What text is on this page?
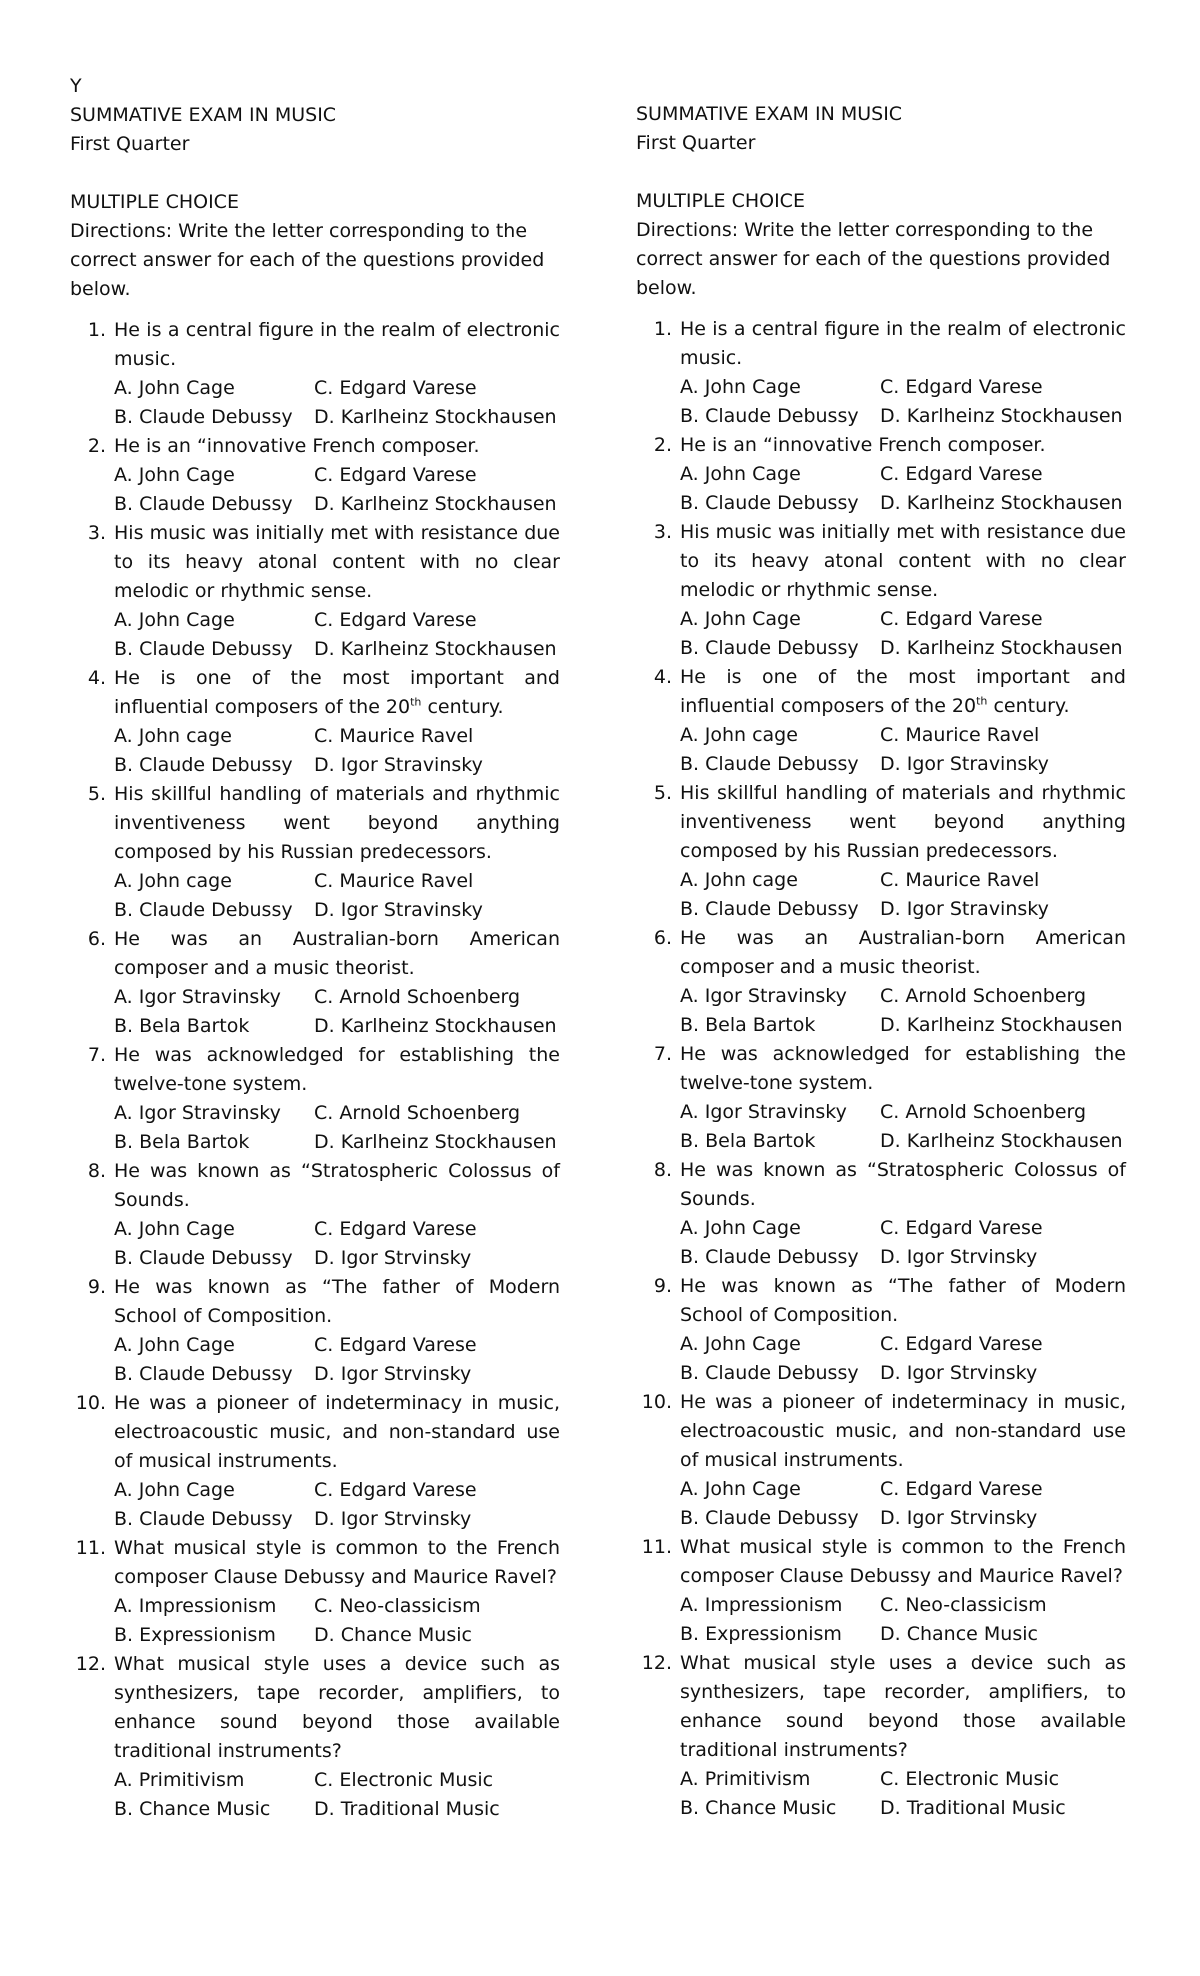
Y
SUMMATIVE EXAM IN MUSIC
First Quarter
MULTIPLE CHOICE
Directions: Write the letter corresponding to the correct answer for each of the questions provided below.
1. He is a central figure in the realm of electronic music.
A. John Cage	C. Edgard Varese
B. Claude Debussy	D. Karlheinz Stockhausen
2. He is an “innovative French composer.
A. John Cage	C. Edgard Varese
B. Claude Debussy	D. Karlheinz Stockhausen
3. His music was initially met with resistance due to its heavy atonal content with no clear melodic or rhythmic sense.
A. John Cage	C. Edgard Varese
B. Claude Debussy	D. Karlheinz Stockhausen
4. He is one of the most important and influential composers of the 20th century.
A. John cage	C. Maurice Ravel
B. Claude Debussy	D. Igor Stravinsky
5. His skillful handling of materials and rhythmic inventiveness went beyond anything composed by his Russian predecessors.
A. John cage	C. Maurice Ravel
B. Claude Debussy	D. Igor Stravinsky
6. He was an Australian-born American composer and a music theorist.
A. Igor Stravinsky	C. Arnold Schoenberg
B. Bela Bartok	D. Karlheinz Stockhausen
7. He was acknowledged for establishing the twelve-tone system.
A. Igor Stravinsky	C. Arnold Schoenberg
B. Bela Bartok	D. Karlheinz Stockhausen
8. He was known as “Stratospheric Colossus of Sounds.
A. John Cage	C. Edgard Varese
B. Claude Debussy	D. Igor Strvinsky
9. He was known as “The father of Modern School of Composition.
A. John Cage	C. Edgard Varese
B. Claude Debussy	D. Igor Strvinsky
10. He was a pioneer of indeterminacy in music, electroacoustic music, and non-standard use of musical instruments.
A. John Cage	C. Edgard Varese
B. Claude Debussy	D. Igor Strvinsky
11. What musical style is common to the French composer Clause Debussy and Maurice Ravel?
A. Impressionism	C. Neo-classicism
B. Expressionism	D. Chance Music
12. What musical style uses a device such as synthesizers, tape recorder, amplifiers, to enhance sound beyond those available traditional instruments?
A. Primitivism	C. Electronic Music
B. Chance Music	D. Traditional Music
SUMMATIVE EXAM IN MUSIC
First Quarter
MULTIPLE CHOICE
Directions: Write the letter corresponding to the correct answer for each of the questions provided below.
1. He is a central figure in the realm of electronic music.
A. John Cage	C. Edgard Varese
B. Claude Debussy	D. Karlheinz Stockhausen
2. He is an “innovative French composer.
A. John Cage	C. Edgard Varese
B. Claude Debussy	D. Karlheinz Stockhausen
3. His music was initially met with resistance due to its heavy atonal content with no clear melodic or rhythmic sense.
A. John Cage	C. Edgard Varese
B. Claude Debussy	D. Karlheinz Stockhausen
4. He is one of the most important and influential composers of the 20th century.
A. John cage	C. Maurice Ravel
B. Claude Debussy	D. Igor Stravinsky
5. His skillful handling of materials and rhythmic inventiveness went beyond anything composed by his Russian predecessors.
A. John cage	C. Maurice Ravel
B. Claude Debussy	D. Igor Stravinsky
6. He was an Australian-born American composer and a music theorist.
A. Igor Stravinsky	C. Arnold Schoenberg
B. Bela Bartok	D. Karlheinz Stockhausen
7. He was acknowledged for establishing the twelve-tone system.
A. Igor Stravinsky	C. Arnold Schoenberg
B. Bela Bartok	D. Karlheinz Stockhausen
8. He was known as “Stratospheric Colossus of Sounds.
A. John Cage	C. Edgard Varese
B. Claude Debussy	D. Igor Strvinsky
9. He was known as “The father of Modern School of Composition.
A. John Cage	C. Edgard Varese
B. Claude Debussy	D. Igor Strvinsky
10. He was a pioneer of indeterminacy in music, electroacoustic music, and non-standard use of musical instruments.
A. John Cage	C. Edgard Varese
B. Claude Debussy	D. Igor Strvinsky
11. What musical style is common to the French composer Clause Debussy and Maurice Ravel?
A. Impressionism	C. Neo-classicism
B. Expressionism	D. Chance Music
12. What musical style uses a device such as synthesizers, tape recorder, amplifiers, to enhance sound beyond those available traditional instruments?
A. Primitivism	C. Electronic Music
B. Chance Music	D. Traditional Music
